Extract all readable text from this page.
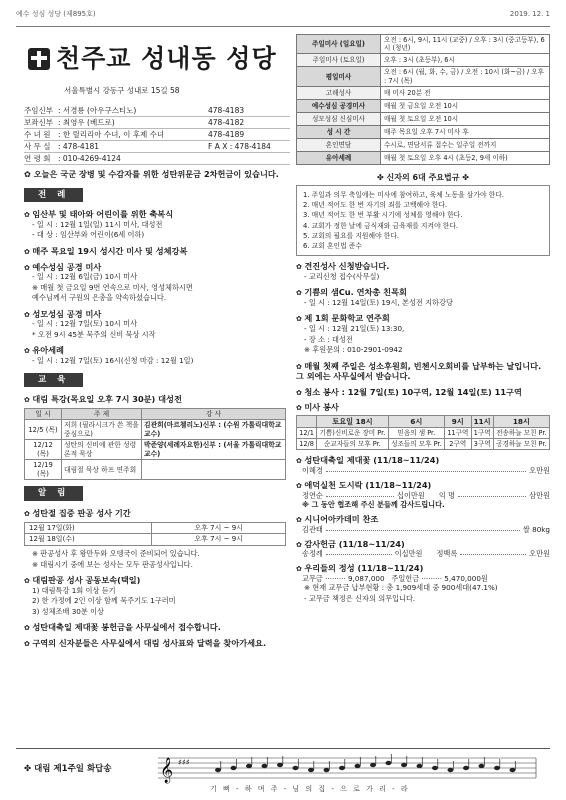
예수 성심 성당 (제895호)	2019. 12. 1
천주교 성내동 성당
서울특별시 강동구 성내로 15길 58
주임신부 : 서경룡 (아우구스티노)	478-4183
보좌신부 : 최영우 (베드로)	478-4182
수 녀 원 : 한 릴리리아 수녀, 이 후제 수녀	478-4189
사 무 실 : 478-4181	F A X : 478-4184
연 령 회 : 010-4269-4124
✿ 오늘은 국군 장병 및 수감자를 위한 성탄위문금 2차헌금이 있습니다.
전 례
✿ 임산부 및 태아와 어린이를 위한 축복식
- 일 시 : 12월 1일(일) 11시 미사, 대성전
- 대 상 : 임산부와 어린이(6세 이하)
✿ 매주 목요일 19시 성시간 미사 및 성체강복
✿ 예수성심 공경 미사
- 일 시 : 12월 6일(금) 10시 미사
※ 매월 첫 금요일 9번 연속으로 미사, 영성체하시면
예수님께서 구원의 은총을 약속하셨습니다.
✿ 성모성심 공경 미사
- 일 시 : 12월 7일(토) 10시 미사
* 오전 9시 45분 묵주의 신비 묵상 시작
✿ 유아세례
- 일 시 : 12월 7일(토) 16시(신청 마감 : 12월 1일)
교 육
✿ 대림 특강(목요일 오후 7시 30분) 대성전
일 시	주 제	강 사
12/5 (목)	저희 (필라시크가 쓴 책을 중심으로)	김관희(마르첼리노)신부 : (수원 가톨릭대학교 교수)
12/12 (목)	성탄의 신비에 관한 성령론적 묵상	박준양(세례자요한)신부 : (서울 가톨릭대학교 교수)
12/19 (목)	대림절 묵상 하프 연주회	
알 림
✿ 성탄절 집중 판공 성사 기간
12월 17일(화)	오후 7시 ~ 9시
12월 18일(수)	오후 7시 ~ 9시
※ 판공성사 후 왕만두와 오뎅국이 준비되어 있습니다.
※ 대림시기 중에 보는 성사는 모두 판공성사입니다.
✿ 대림판공 성사 공동보속(택일)
1) 대림특강 1회 이상 듣기
2) 한 가정에 2인 이상 함께 묵주기도 1구러미
3) 성체조배 30분 이상
✿ 성탄대축일 제대꽃 봉헌금을 사무실에서 접수합니다.
✿ 구역의 신자분들은 사무실에서 대림 성사표와 달력을 찾아가세요.
주일미사 (일요일)	오전 : 6시, 9시, 11시 (교중) / 오후 : 3시 (중고등부), 6시 (청년)
주일미사 (토요일)	오후 : 3시 (초등부), 6시
평일미사	오전 : 6시 (월, 화, 수, 금) / 오전 : 10시 (화~금) / 오후 : 7시 (목)
고해성사	매 미사 20분 전
예수성심 공경미사	매월 첫 금요일 오전 10시
성모성심 신심미사	매월 첫 토요일 오전 10시
성 시 간	매주 목요일 오후 7시 미사 후
혼인면담	수시로, 면담서류 접수는 일주일 전까지
유아세례	매월 첫 토요일 오후 4시 (초등2, 9세 이하)
✤ 신자의 6대 주요법규 ✤
1. 주일과 의무 축일에는 미사에 참여하고, 육체 노동을 삼가야 한다.
2. 매년 적어도 한 번 자기의 죄를 고백해야 한다.
3. 매년 적어도 한 번 부활 시기에 성체를 영해야 한다.
4. 교회가 정한 날에 금식재와 금육재를 지켜야 한다.
5. 교회의 필요를 지원해야 한다.
6. 교회 혼인법 준수
✿ 견진성사 신청받습니다.
- 교리신청 접수(사무실)
✿ 기쁨의 샘Cu. 연차총 친목회
- 일 시 : 12월 14일(토) 19시, 본성전 지하강당
✿ 제 1회 문화학교 연주회
- 일 시 : 12월 21일(토) 13:30,
- 장 소 : 대성전
※ 후원문의 : 010-2901-0942
✿ 매월 첫째 주일은 성소후원회, 빈첸시오회비를 납부하는 날입니다. 그 외에는 사무실에서 받습니다.
✿ 청소 봉사 : 12월 7일(토) 10구역, 12월 14일(토) 11구역
✿ 미사 봉사
	토요일 18시	6시	9시	11시	18시
12/1	기쁨)신비로운 장미 Pr.	믿음의 샘 Pr.	11구역	1구역	전송하늘 모친 Pr.
12/8	순교자들의 모후 Pr.	성조들의 모후 Pr.	2구역	3구역	공경하늘 모친 Pr.
✿ 성탄대축일 제대꽃 (11/18~11/24)
이혜경	오만원
✿ 애덕실천 도시락 (11/18~11/24)
정연순	십이만원 익 명	삼만원
※ 그 동안 협조해 주신 분들께 감사드립니다.
✿ 시니어아카데미 찬조
김관태	쌀 80kg
✿ 감사헌금 (11/18~11/24)
송정례	이십만원 정백록	오만원
✿ 우리들의 정성 (11/18~11/24)
교무금 ········· 9,087,000
주일헌금 ········· 5,470,000원
※ 현재 교무금 납부현황 : 총 1,909세대 중 900세대(47.1%)
- 교무금 책정은 신자의 의무입니다.
✤ 대림 제1주일 화답송 𝄞 ♯♯♯
기 뻐 - 하 며 주 - 님 의 집 - 으 로 가 리 - 라
